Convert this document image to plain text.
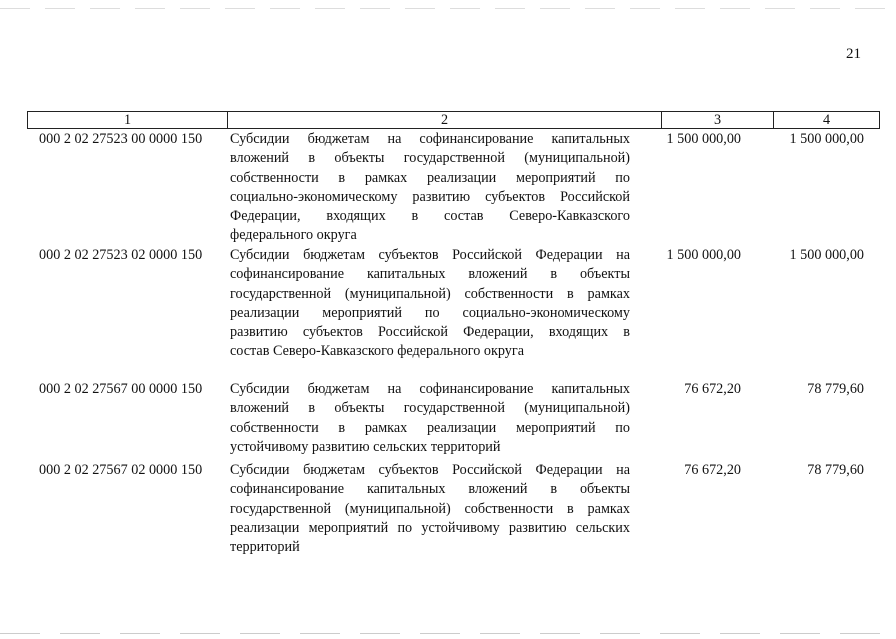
21
1	2	3	4
000 2 02 27523 00 0000 150 Субсидии бюджетам на софинансирование капитальных
вложений в объекты государственной (муниципальной)
собственности в рамках реализации мероприятий по
социально-экономическому развитию субъектов Российской
Федерации, входящих в состав Северо-Кавказского
федерального округа
1 500 000,00	1 500 000,00
000 2 02 27523 02 0000 150 Субсидии бюджетам субъектов Российской Федерации на
софинансирование капитальных вложений в объекты
государственной (муниципальной) собственности в рамках
реализации мероприятий по социально-экономическому
развитию субъектов Российской Федерации, входящих в
состав Северо-Кавказского федерального округа
1 500 000,00	1 500 000,00
000 2 02 27567 00 0000 150 Субсидии бюджетам на софинансирование капитальных
вложений в объекты государственной (муниципальной)
собственности в рамках реализации мероприятий по
устойчивому развитию сельских территорий
76 672,20	78 779,60
000 2 02 27567 02 0000 150 Субсидии бюджетам субъектов Российской Федерации на
софинансирование капитальных вложений в объекты
государственной (муниципальной) собственности в рамках
реализации мероприятий по устойчивому развитию сельских
территорий
76 672,20	78 779,60
